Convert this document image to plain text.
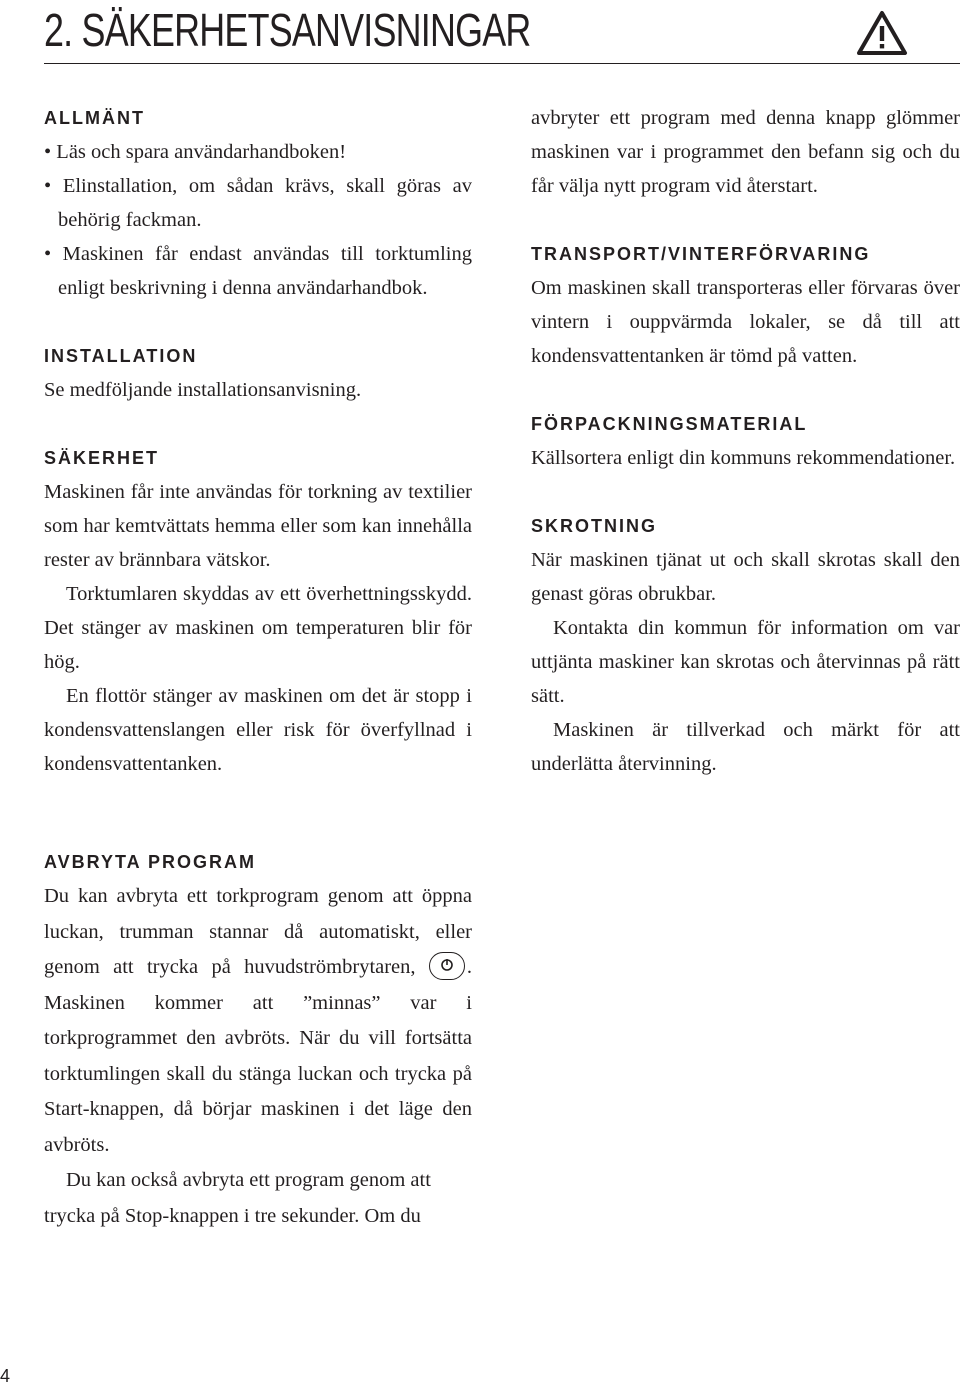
2. SÄKERHETSANVISNINGAR
ALLMÄNT

• Läs och spara användarhandboken!

• Elinstallation, om sådan krävs, skall göras av behörig fackman.

• Maskinen får endast användas till torktumling enligt beskrivning i denna användarhandbok.

INSTALLATION

Se medföljande installationsanvisning.

SÄKERHET

Maskinen får inte användas för torkning av textilier som har kemtvättats hemma eller som kan innehålla rester av brännbara vätskor.

Torktumlaren skyddas av ett överhettningsskydd. Det stänger av maskinen om temperaturen blir för hög.

En flottör stänger av maskinen om det är stopp i kondensvattenslangen eller risk för överfyllnad i kondensvattentanken.

AVBRYTA PROGRAM

Du kan avbryta ett torkprogram genom att öppna luckan, trumman stannar då automatiskt, eller genom att trycka på huvudströmbrytaren,	. Maskinen kommer att ”minnas” var i torkprogrammet den avbröts. När du vill fortsätta torktumlingen skall du stänga luckan och trycka på Start-knappen, då börjar maskinen i det läge den avbröts.

Du kan också avbryta ett program genom att trycka på Stop-knappen i tre sekunder. Om du

avbryter ett program med denna knapp glömmer maskinen var i programmet den befann sig och du får välja nytt program vid återstart.

TRANSPORT/VINTERFÖRVARING

Om maskinen skall transporteras eller förvaras över vintern i ouppvärmda lokaler, se då till att kondensvattentanken är tömd på vatten.

FÖRPACKNINGSMATERIAL

Källsortera enligt din kommuns rekommendationer.

SKROTNING

När maskinen tjänat ut och skall skrotas skall den genast göras obrukbar.

Kontakta din kommun för information om var uttjänta maskiner kan skrotas och återvinnas på rätt sätt.

Maskinen är tillverkad och märkt för att underlätta återvinning.

4
